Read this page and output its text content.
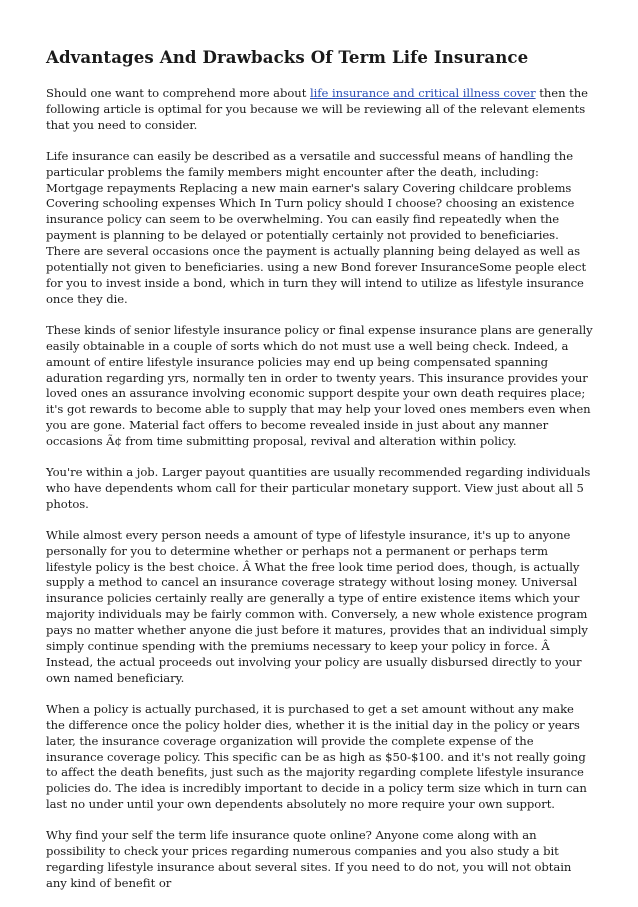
Advantages And Drawbacks Of Term Life Insurance

Should one want to comprehend more about life insurance and critical illness cover then the following article is optimal for you because we will be reviewing all of the relevant elements that you need to consider.

Life insurance can easily be described as a versatile and successful means of handling the particular problems the family members might encounter after the death, including: Mortgage repayments Replacing a new main earner's salary Covering childcare problems Covering schooling expenses Which In Turn policy should I choose? choosing an existence insurance policy can seem to be overwhelming. You can easily find repeatedly when the payment is planning to be delayed or potentially certainly not provided to beneficiaries. There are several occasions once the payment is actually planning being delayed as well as potentially not given to beneficiaries. using a new Bond forever InsuranceSome people elect for you to invest inside a bond, which in turn they will intend to utilize as lifestyle insurance once they die.

These kinds of senior lifestyle insurance policy or final expense insurance plans are generally easily obtainable in a couple of sorts which do not must use a well being check. Indeed, a amount of entire lifestyle insurance policies may end up being compensated spanning aduration regarding yrs, normally ten in order to twenty years. This insurance provides your loved ones an assurance involving economic support despite your own death requires place; it's got rewards to become able to supply that may help your loved ones members even when you are gone. Material fact offers to become revealed inside in just about any manner occasions Ã¢ from time submitting proposal, revival and alteration within policy.

You're within a job. Larger payout quantities are usually recommended regarding individuals who have dependents whom call for their particular monetary support. View just about all 5 photos.

While almost every person needs a amount of type of lifestyle insurance, it's up to anyone personally for you to determine whether or perhaps not a permanent or perhaps term lifestyle policy is the best choice. Â What the free look time period does, though, is actually supply a method to cancel an insurance coverage strategy without losing money. Universal insurance policies certainly really are generally a type of entire existence items which your majority individuals may be fairly common with. Conversely, a new whole existence program pays no matter whether anyone die just before it matures, provides that an individual simply simply continue spending with the premiums necessary to keep your policy in force. Â Instead, the actual proceeds out involving your policy are usually disbursed directly to your own named beneficiary.

When a policy is actually purchased, it is purchased to get a set amount without any make the difference once the policy holder dies, whether it is the initial day in the policy or years later, the insurance coverage organization will provide the complete expense of the insurance coverage policy. This specific can be as high as $50-$100. and it's not really going to affect the death benefits, just such as the majority regarding complete lifestyle insurance policies do. The idea is incredibly important to decide in a policy term size which in turn can last no under until your own dependents absolutely no more require your own support.

Why find your self the term life insurance quote online? Anyone come along with an possibility to check your prices regarding numerous companies and you also study a bit regarding lifestyle insurance about several sites. If you need to do not, you will not obtain any kind of benefit or
